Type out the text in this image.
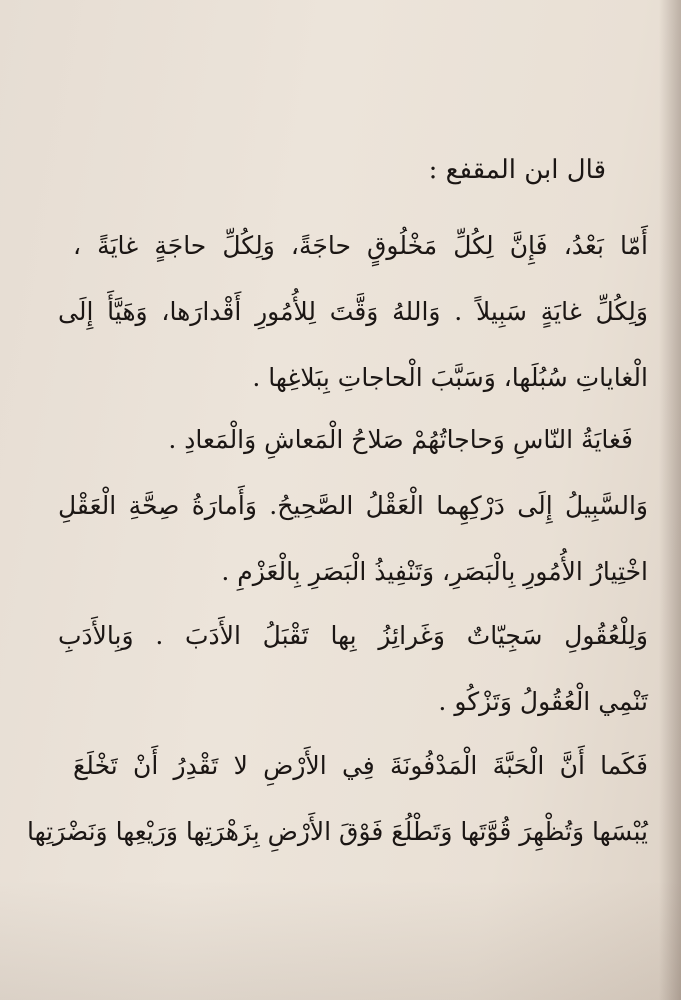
قال ابن المقفع :
أَمّا بَعْدُ، فَإِنَّ لِكُلِّ مَخْلُوقٍ حاجَةً، وَلِكُلِّ حاجَةٍ غايَةً ،
وَلِكُلِّ غايَةٍ سَبِيلاً . وَاللهُ وَقَّتَ لِلأُمُورِ أَقْدارَها، وَهَيَّأَ إِلَى
الْغاياتِ سُبُلَها، وَسَبَّبَ الْحاجاتِ بِبَلاغِها .
فَغايَةُ النّاسِ وَحاجاتُهُمْ صَلاحُ الْمَعاشِ وَالْمَعادِ .
وَالسَّبِيلُ إِلَى دَرْكِهِما الْعَقْلُ الصَّحِيحُ. وَأَمارَةُ صِحَّةِ الْعَقْلِ
اخْتِيارُ الأُمُورِ بِالْبَصَرِ، وَتَنْفِيذُ الْبَصَرِ بِالْعَزْمِ .
وَلِلْعُقُولِ سَجِيّاتٌ وَغَرائِزُ بِها تَقْبَلُ الأَدَبَ . وَبِالأَدَبِ
تَنْمِي الْعُقُولُ وَتَزْكُو .
فَكَما أَنَّ الْحَبَّةَ الْمَدْفُونَةَ فِي الأَرْضِ لا تَقْدِرُ أَنْ تَخْلَعَ
يُبْسَها وَتُظْهِرَ قُوَّتَها وَتَطْلُعَ فَوْقَ الأَرْضِ بِزَهْرَتِها وَرَيْعِها وَنَضْرَتِها
